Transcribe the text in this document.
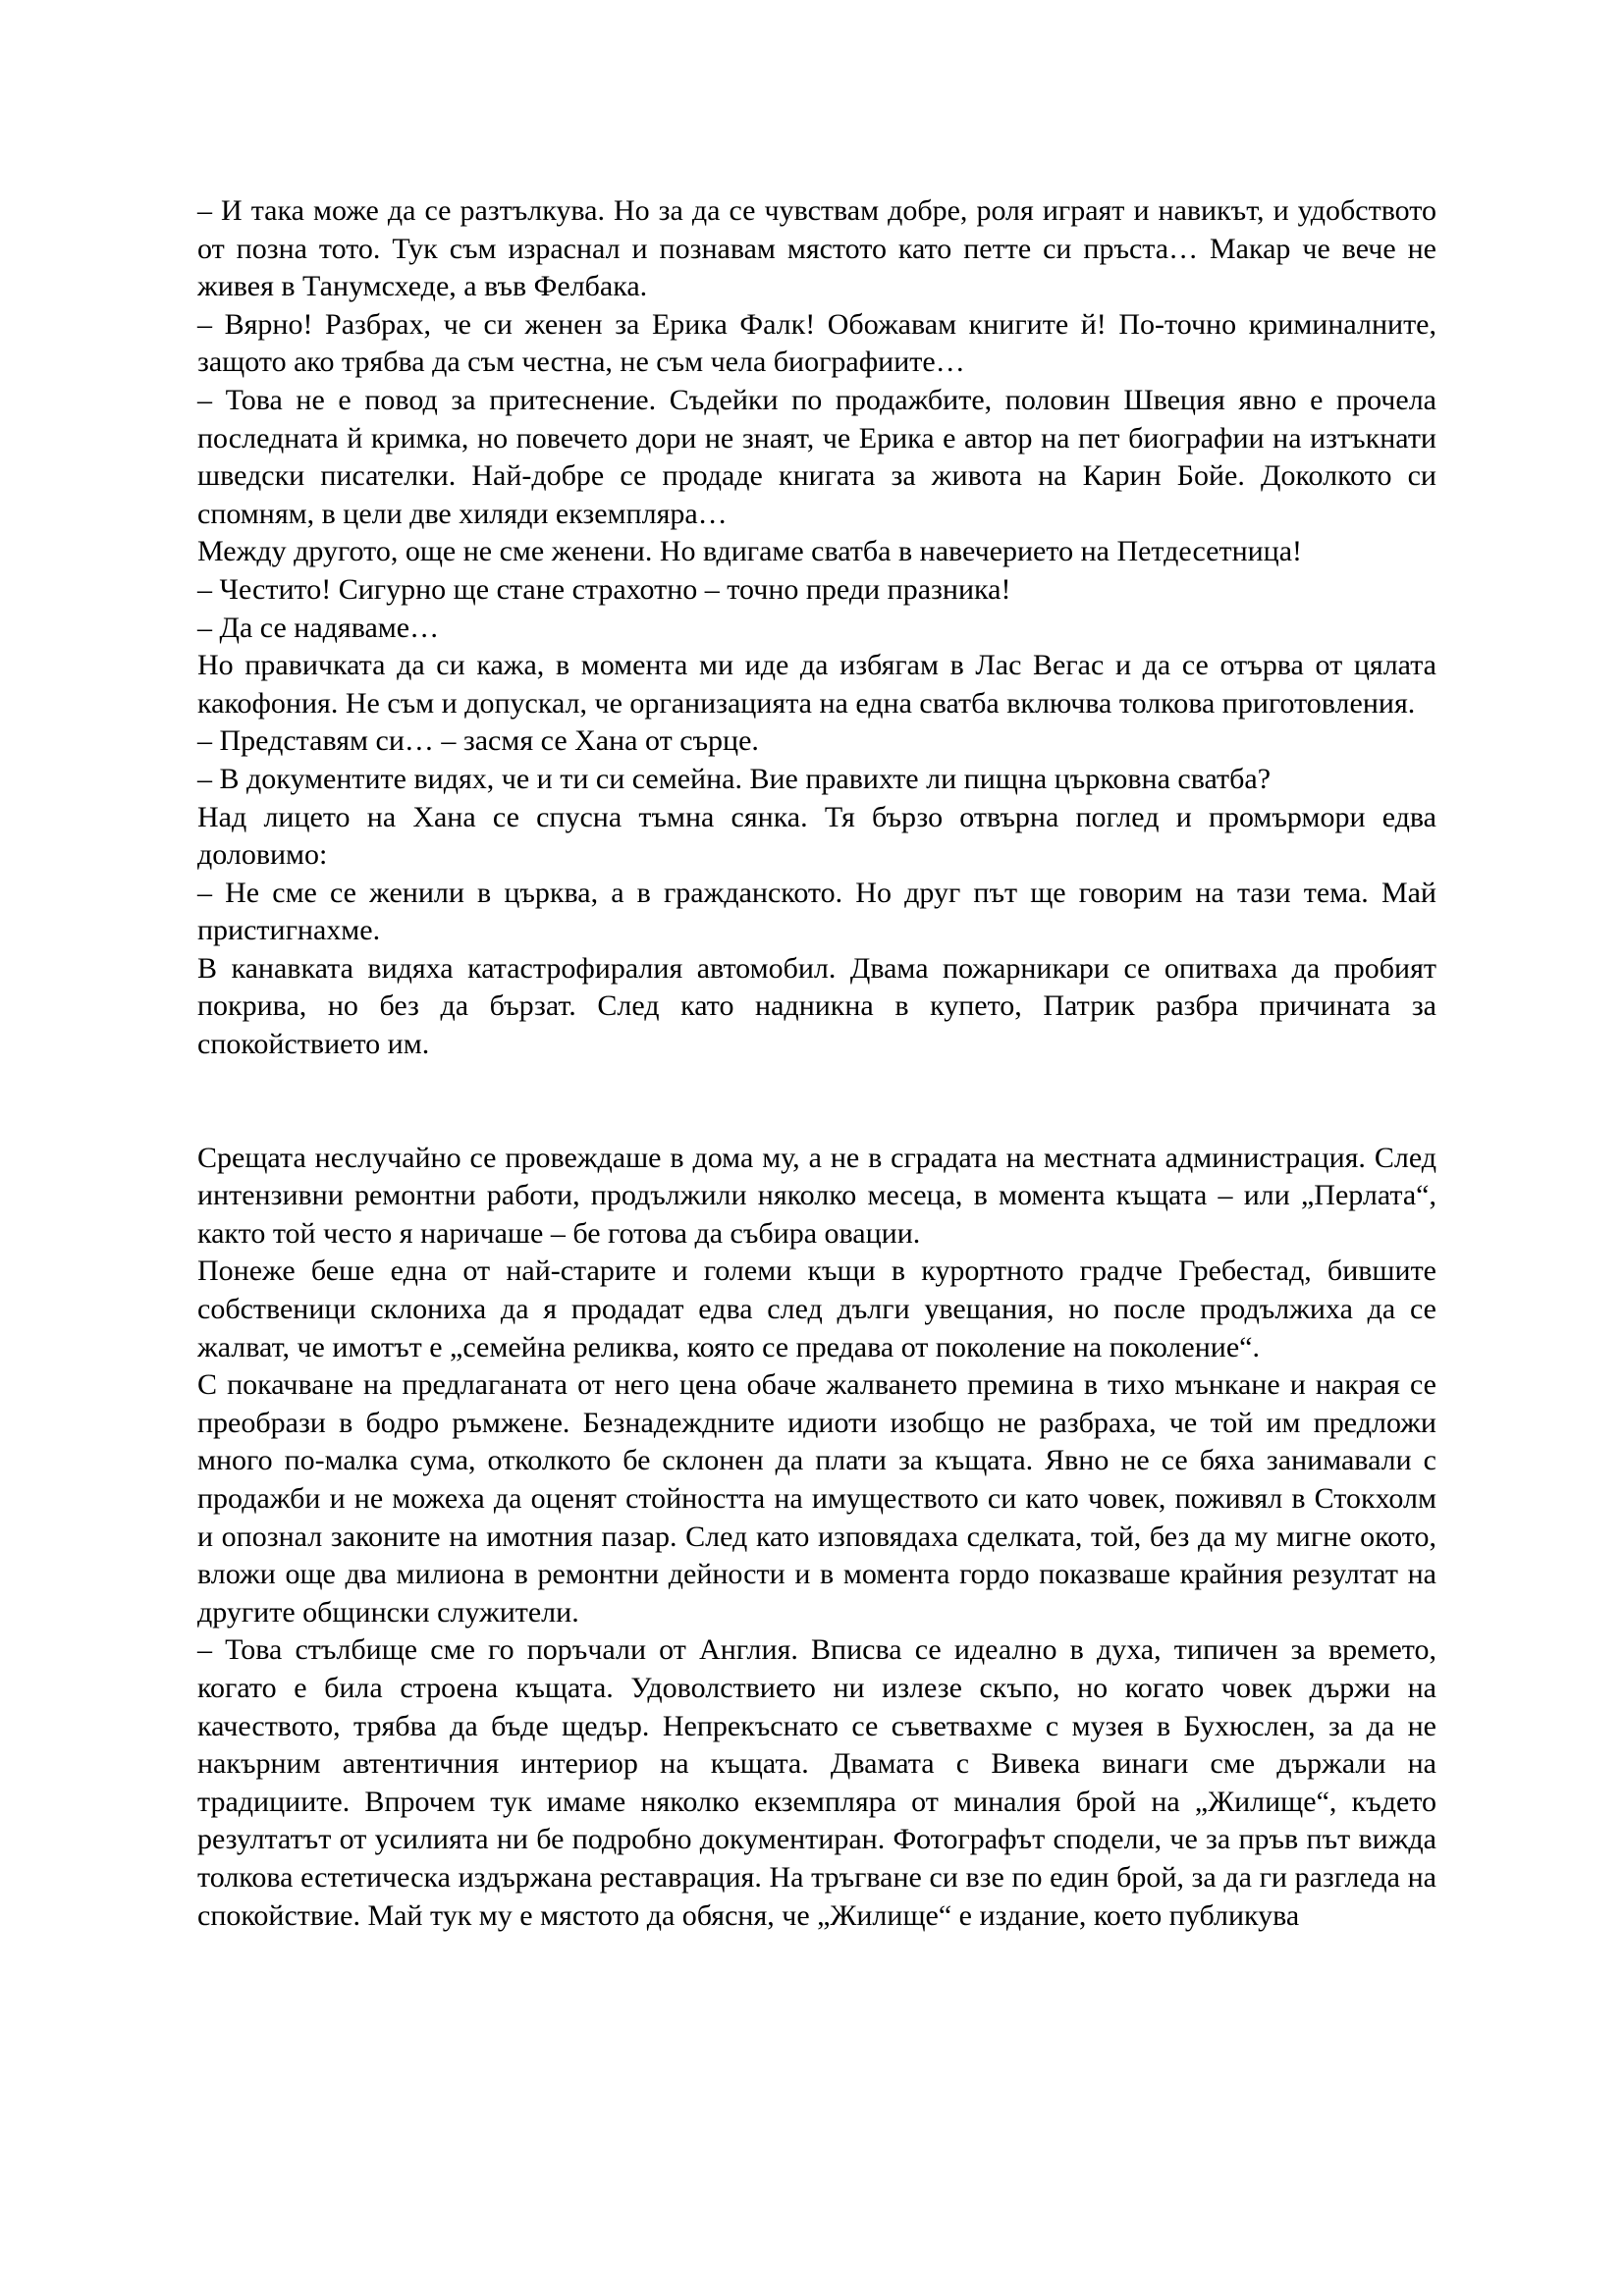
– И така може да се разтълкува. Но за да се чувствам добре, роля играят и навикът, и удобството от позна тото. Тук съм израснал и познавам мястото като петте си пръста… Макар че вече не живея в Танумсхеде, а във Фелбака.

– Вярно! Разбрах, че си женен за Ерика Фалк! Обожавам книгите й! По-точно криминалните, защото ако трябва да съм честна, не съм чела биографиите…

– Това не е повод за притеснение. Съдейки по продажбите, половин Швеция явно е прочела последната й кримка, но повечето дори не знаят, че Ерика е автор на пет биографии на изтъкнати шведски писателки. Най-добре се продаде книгата за живота на Карин Бойе. Доколкото си спомням, в цели две хиляди екземпляра…

Между другото, още не сме женени. Но вдигаме сватба в навечерието на Петдесетница!

– Честито! Сигурно ще стане страхотно – точно преди празника!

– Да се надяваме…

Но правичката да си кажа, в момента ми иде да избягам в Лас Вегас и да се отърва от цялата какофония. Не съм и допускал, че организацията на една сватба включва толкова приготовления.

– Представям си… – засмя се Хана от сърце.

– В документите видях, че и ти си семейна. Вие правихте ли пищна църковна сватба?

Над лицето на Хана се спусна тъмна сянка. Тя бързо отвърна поглед и промърмори едва доловимо:

– Не сме се женили в църква, а в гражданското. Но друг път ще говорим на тази тема. Май пристигнахме.

В канавката видяха катастрофиралия автомобил. Двама пожарникари се опитваха да пробият покрива, но без да бързат. След като надникна в купето, Патрик разбра причината за спокойствието им.

Срещата неслучайно се провеждаше в дома му, а не в сградата на местната администрация. След интензивни ремонтни работи, продължили няколко месеца, в момента къщата – или „Перлата“, както той често я наричаше – бе готова да събира овации.

Понеже беше една от най-старите и големи къщи в курортното градче Гребестад, бившите собственици склониха да я продадат едва след дълги увещания, но после продължиха да се жалват, че имотът е „семейна реликва, която се предава от поколение на поколение“.

С покачване на предлаганата от него цена обаче жалването премина в тихо мънкане и накрая се преобрази в бодро ръмжене. Безнадеждните идиоти изобщо не разбраха, че той им предложи много по-малка сума, отколкото бе склонен да плати за къщата. Явно не се бяха занимавали с продажби и не можеха да оценят стойността на имуществото си като човек, поживял в Стокхолм и опознал законите на имотния пазар. След като изповядаха сделката, той, без да му мигне окото, вложи още два милиона в ремонтни дейности и в момента гордо показваше крайния резултат на другите общински служители.

– Това стълбище сме го поръчали от Англия. Вписва се идеално в духа, типичен за времето, когато е била строена къщата. Удоволствието ни излезе скъпо, но когато човек държи на качеството, трябва да бъде щедър. Непрекъснато се съветвахме с музея в Бухюслен, за да не накърним автентичния интериор на къщата. Двамата с Вивека винаги сме държали на традициите. Впрочем тук имаме няколко екземпляра от миналия брой на „Жилище“, където резултатът от усилията ни бе подробно документиран. Фотографът сподели, че за пръв път вижда толкова естетическа издържана реставрация. На тръгване си взе по един брой, за да ги разгледа на спокойствие. Май тук му е мястото да обясня, че „Жилище“ е издание, което публикува
